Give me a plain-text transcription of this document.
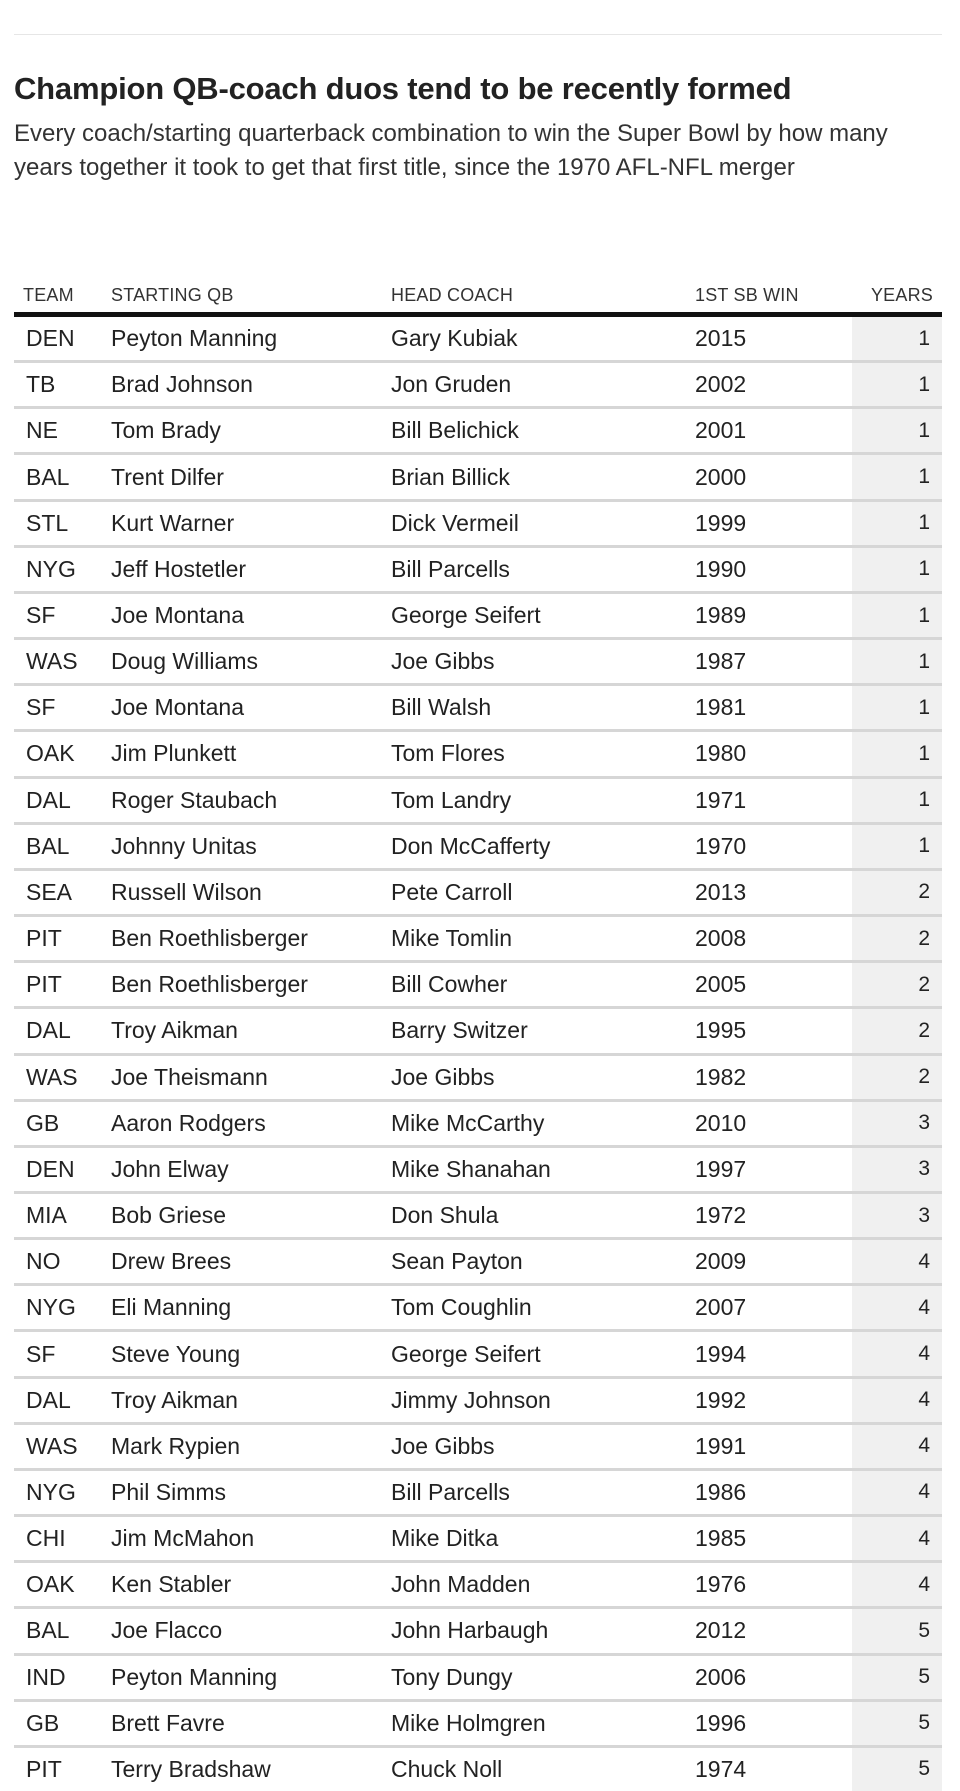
Champion QB-coach duos tend to be recently formed

Every coach/starting quarterback combination to win the Super Bowl by how many years together it took to get that first title, since the 1970 AFL-NFL merger

TEAM	STARTING QB	HEAD COACH	1ST SB WIN	YEARS
DEN	Peyton Manning	Gary Kubiak	2015	1
TB	Brad Johnson	Jon Gruden	2002	1
NE	Tom Brady	Bill Belichick	2001	1
BAL	Trent Dilfer	Brian Billick	2000	1
STL	Kurt Warner	Dick Vermeil	1999	1
NYG	Jeff Hostetler	Bill Parcells	1990	1
SF	Joe Montana	George Seifert	1989	1
WAS	Doug Williams	Joe Gibbs	1987	1
SF	Joe Montana	Bill Walsh	1981	1
OAK	Jim Plunkett	Tom Flores	1980	1
DAL	Roger Staubach	Tom Landry	1971	1
BAL	Johnny Unitas	Don McCafferty	1970	1
SEA	Russell Wilson	Pete Carroll	2013	2
PIT	Ben Roethlisberger	Mike Tomlin	2008	2
PIT	Ben Roethlisberger	Bill Cowher	2005	2
DAL	Troy Aikman	Barry Switzer	1995	2
WAS	Joe Theismann	Joe Gibbs	1982	2
GB	Aaron Rodgers	Mike McCarthy	2010	3
DEN	John Elway	Mike Shanahan	1997	3
MIA	Bob Griese	Don Shula	1972	3
NO	Drew Brees	Sean Payton	2009	4
NYG	Eli Manning	Tom Coughlin	2007	4
SF	Steve Young	George Seifert	1994	4
DAL	Troy Aikman	Jimmy Johnson	1992	4
WAS	Mark Rypien	Joe Gibbs	1991	4
NYG	Phil Simms	Bill Parcells	1986	4
CHI	Jim McMahon	Mike Ditka	1985	4
OAK	Ken Stabler	John Madden	1976	4
BAL	Joe Flacco	John Harbaugh	2012	5
IND	Peyton Manning	Tony Dungy	2006	5
GB	Brett Favre	Mike Holmgren	1996	5
PIT	Terry Bradshaw	Chuck Noll	1974	5
